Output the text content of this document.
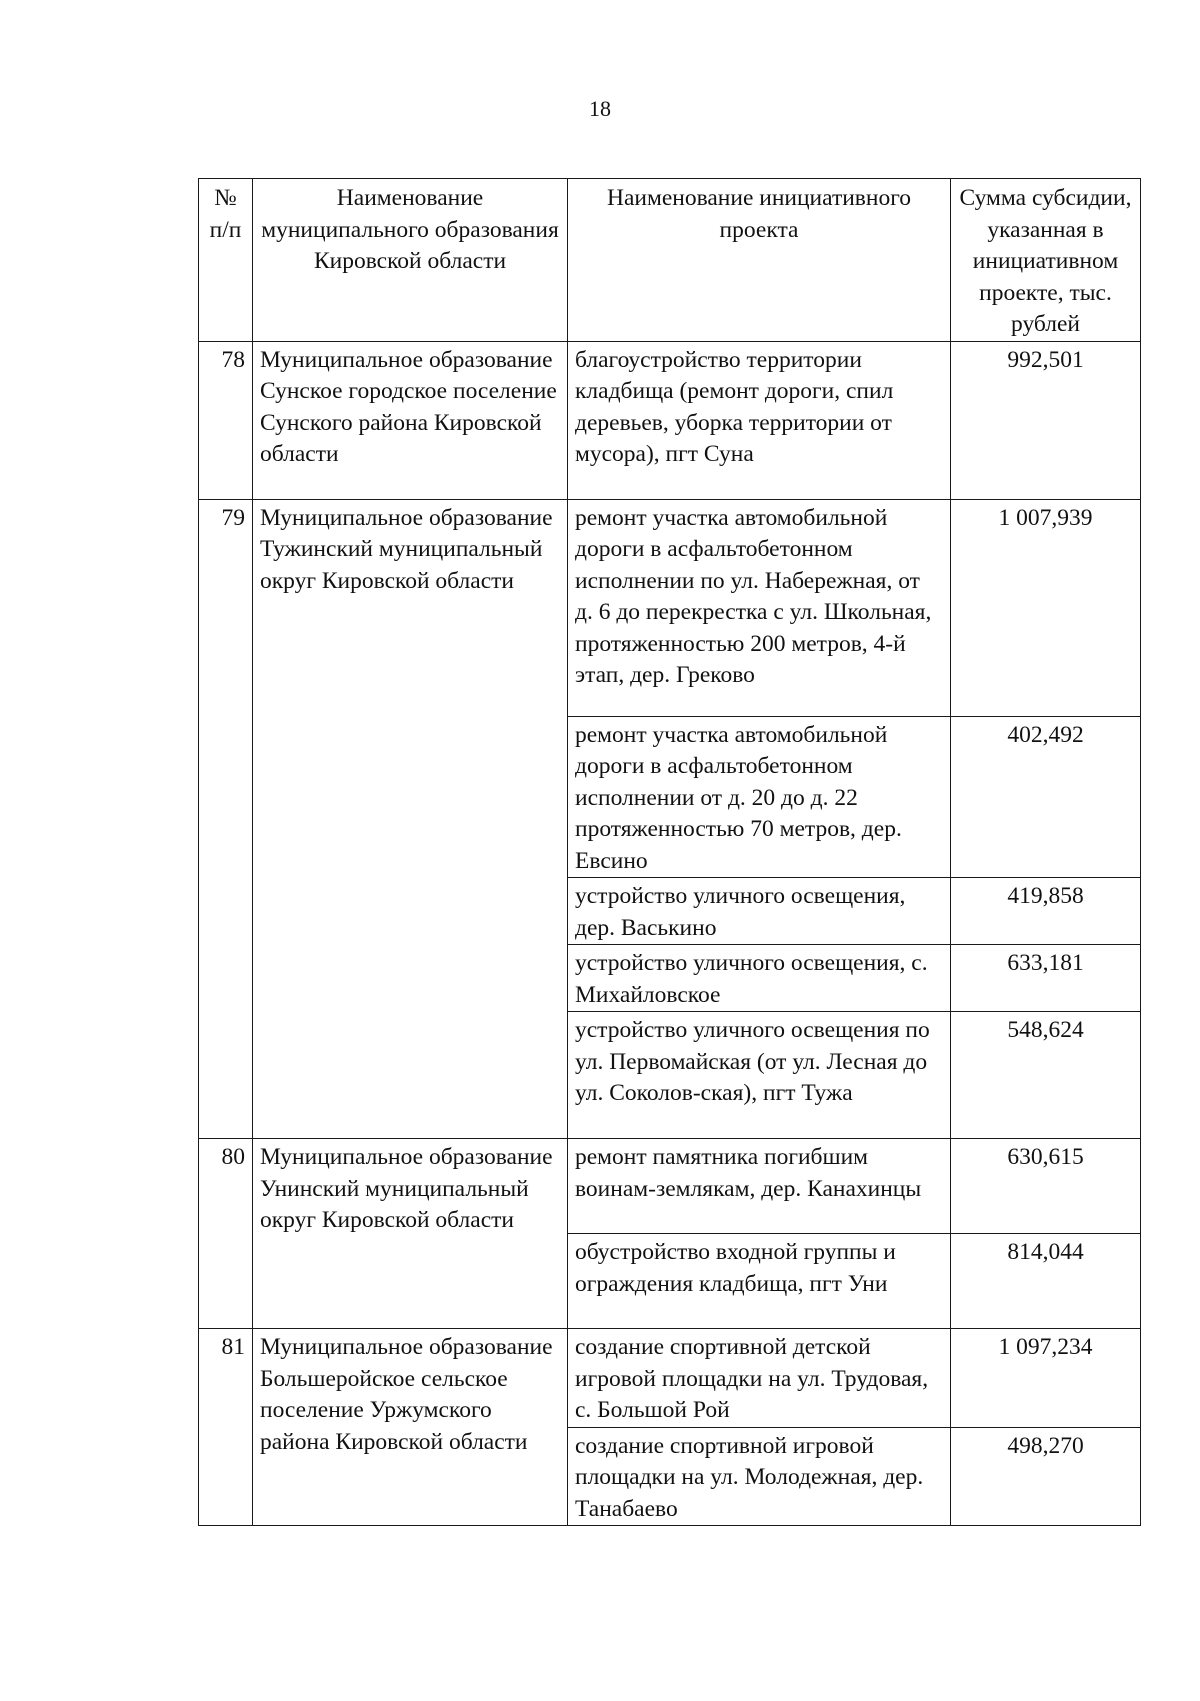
18
№ п/п	Наименование муниципального образования Кировской области	Наименование инициативного проекта	Сумма субсидии, указанная в инициативном проекте, тыс. рублей
78	Муниципальное образование Сунское городское поселение Сунского района Кировской области	благоустройство территории кладбища (ремонт дороги, спил деревьев, уборка территории от мусора), пгт Суна	992,501
79	Муниципальное образование Тужинский муниципальный округ Кировской области	ремонт участка автомобильной дороги в асфальтобетонном исполнении по ул. Набережная, от д. 6 до перекрестка с ул. Школьная, протяженностью 200 метров, 4-й этап, дер. Греково	1 007,939
		ремонт участка автомобильной дороги в асфальтобетонном исполнении от д. 20 до д. 22 протяженностью 70 метров, дер. Евсино	402,492
		устройство уличного освещения, дер. Васькино	419,858
		устройство уличного освещения, с. Михайловское	633,181
		устройство уличного освещения по ул. Первомайская (от ул. Лесная до ул. Соколов-ская), пгт Тужа	548,624
80	Муниципальное образование Унинский муниципальный округ Кировской области	ремонт памятника погибшим воинам-землякам, дер. Канахинцы	630,615
		обустройство входной группы и ограждения кладбища, пгт Уни	814,044
81	Муниципальное образование Большеройское сельское поселение Уржумского района Кировской области	создание спортивной детской игровой площадки на ул. Трудовая, с. Большой Рой	1 097,234
		создание спортивной игровой площадки на ул. Молодежная, дер. Танабаево	498,270
